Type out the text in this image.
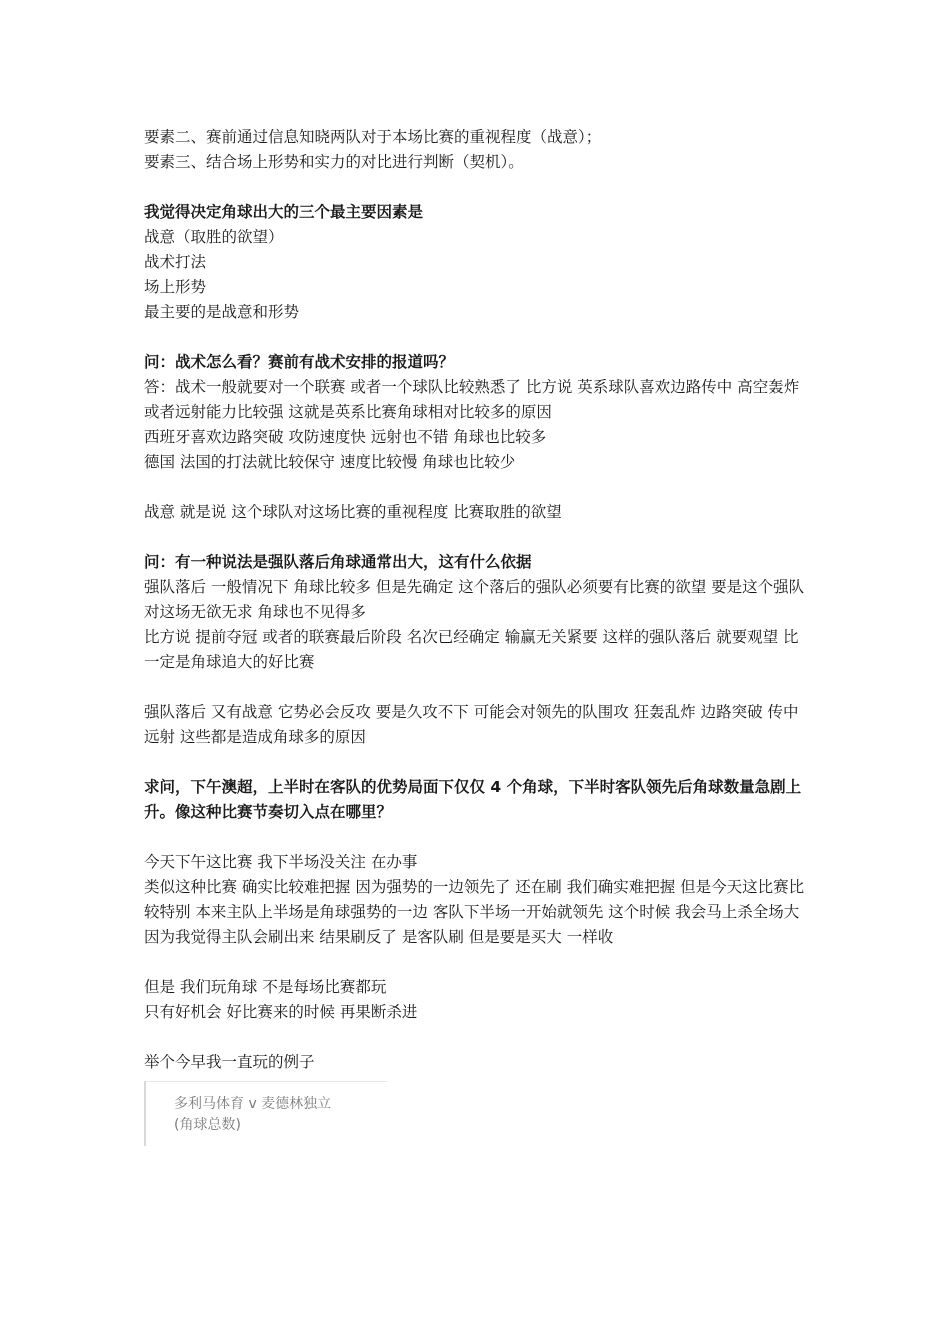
要素二、赛前通过信息知晓两队对于本场比赛的重视程度（战意）；
要素三、结合场上形势和实力的对比进行判断（契机）。
我觉得决定角球出大的三个最主要因素是
战意（取胜的欲望）
战术打法
场上形势
最主要的是战意和形势
问：战术怎么看？赛前有战术安排的报道吗？
答：战术一般就要对一个联赛 或者一个球队比较熟悉了 比方说 英系球队喜欢边路传中 高空轰炸 或者远射能力比较强 这就是英系比赛角球相对比较多的原因
西班牙喜欢边路突破 攻防速度快 远射也不错 角球也比较多
德国 法国的打法就比较保守 速度比较慢 角球也比较少
战意 就是说 这个球队对这场比赛的重视程度 比赛取胜的欲望
问：有一种说法是强队落后角球通常出大，这有什么依据
强队落后 一般情况下 角球比较多 但是先确定 这个落后的强队必须要有比赛的欲望 要是这个强队对这场无欲无求 角球也不见得多
比方说 提前夺冠 或者的联赛最后阶段 名次已经确定 输赢无关紧要 这样的强队落后 就要观望 比一定是角球追大的好比赛
强队落后 又有战意 它势必会反攻 要是久攻不下 可能会对领先的队围攻 狂轰乱炸 边路突破 传中 远射 这些都是造成角球多的原因
求问，下午澳超，上半时在客队的优势局面下仅仅 4 个角球，下半时客队领先后角球数量急剧上升。像这种比赛节奏切入点在哪里？
今天下午这比赛 我下半场没关注 在办事
类似这种比赛 确实比较难把握 因为强势的一边领先了 还在刷 我们确实难把握 但是今天这比赛比较特别 本来主队上半场是角球强势的一边 客队下半场一开始就领先 这个时候 我会马上杀全场大 因为我觉得主队会刷出来 结果刷反了 是客队刷 但是要是买大 一样收
但是 我们玩角球 不是每场比赛都玩
只有好机会 好比赛来的时候 再果断杀进
举个今早我一直玩的例子
多利马体育 v 麦德林独立
(角球总数)
